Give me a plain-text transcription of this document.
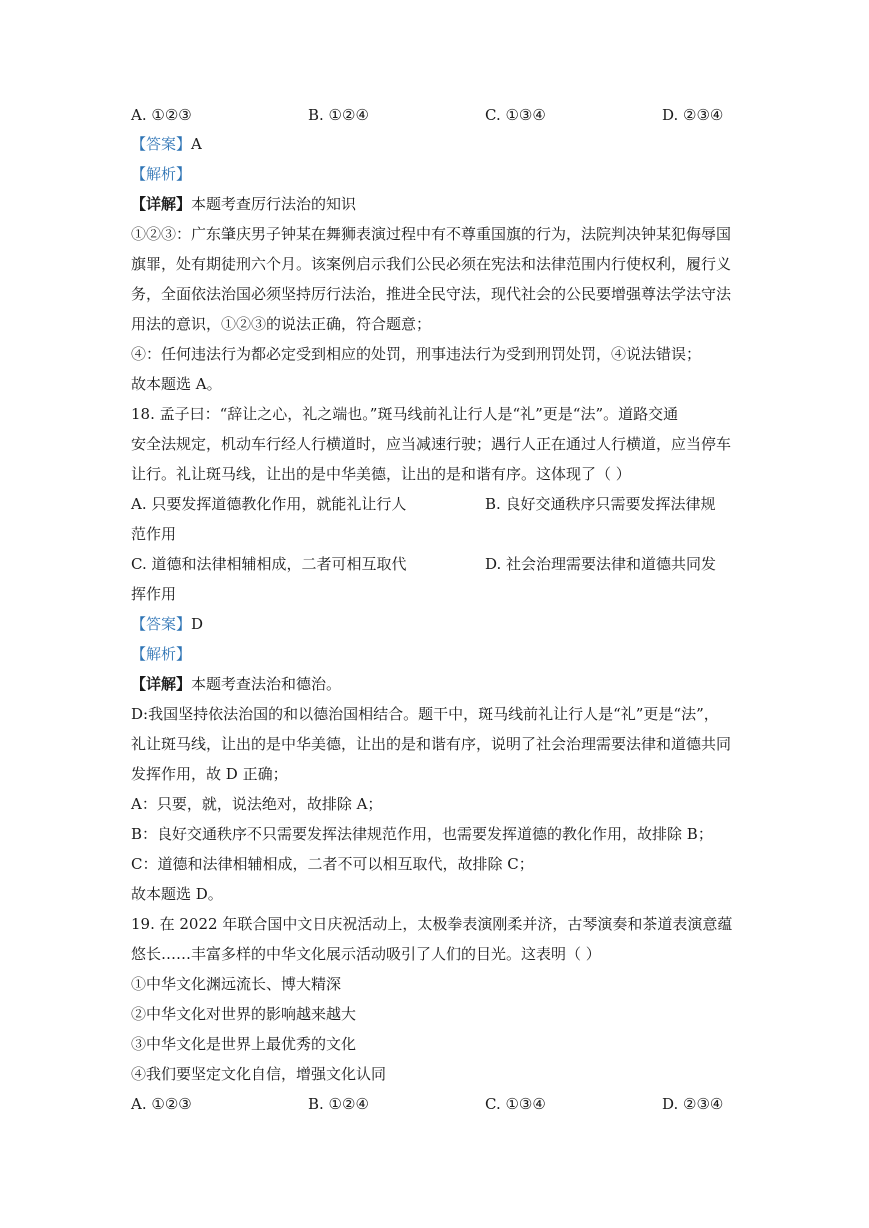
A. ①②③	B. ①②④	C. ①③④	D. ②③④
【答案】A
【解析】
【详解】本题考查厉行法治的知识
①②③：广东肇庆男子钟某在舞狮表演过程中有不尊重国旗的行为，法院判决钟某犯侮辱国
旗罪，处有期徒刑六个月。该案例启示我们公民必须在宪法和法律范围内行使权利，履行义
务，全面依法治国必须坚持厉行法治，推进全民守法，现代社会的公民要增强尊法学法守法
用法的意识，①②③的说法正确，符合题意；
④：任何违法行为都必定受到相应的处罚，刑事违法行为受到刑罚处罚，④说法错误；
故本题选 A。
18. 孟子曰：“辞让之心，礼之端也。”斑马线前礼让行人是“礼”更是“法”。道路交通
安全法规定，机动车行经人行横道时，应当减速行驶；遇行人正在通过人行横道，应当停车
让行。礼让斑马线，让出的是中华美德，让出的是和谐有序。这体现了（ ）
A. 只要发挥道德教化作用，就能礼让行人	B. 良好交通秩序只需要发挥法律规
范作用
C. 道德和法律相辅相成，二者可相互取代	D. 社会治理需要法律和道德共同发
挥作用
【答案】D
【解析】
【详解】本题考查法治和德治。
D:我国坚持依法治国的和以德治国相结合。题干中，斑马线前礼让行人是“礼”更是“法”，
礼让斑马线，让出的是中华美德，让出的是和谐有序，说明了社会治理需要法律和道德共同
发挥作用，故 D 正确；
A：只要，就，说法绝对，故排除 A；
B：良好交通秩序不只需要发挥法律规范作用，也需要发挥道德的教化作用，故排除 B；
C：道德和法律相辅相成，二者不可以相互取代，故排除 C；
故本题选 D。
19. 在 2022 年联合国中文日庆祝活动上，太极拳表演刚柔并济，古琴演奏和茶道表演意蕴
悠长……丰富多样的中华文化展示活动吸引了人们的目光。这表明（ ）
①中华文化渊远流长、博大精深
②中华文化对世界的影响越来越大
③中华文化是世界上最优秀的文化
④我们要坚定文化自信，增强文化认同
A. ①②③	B. ①②④	C. ①③④	D. ②③④
